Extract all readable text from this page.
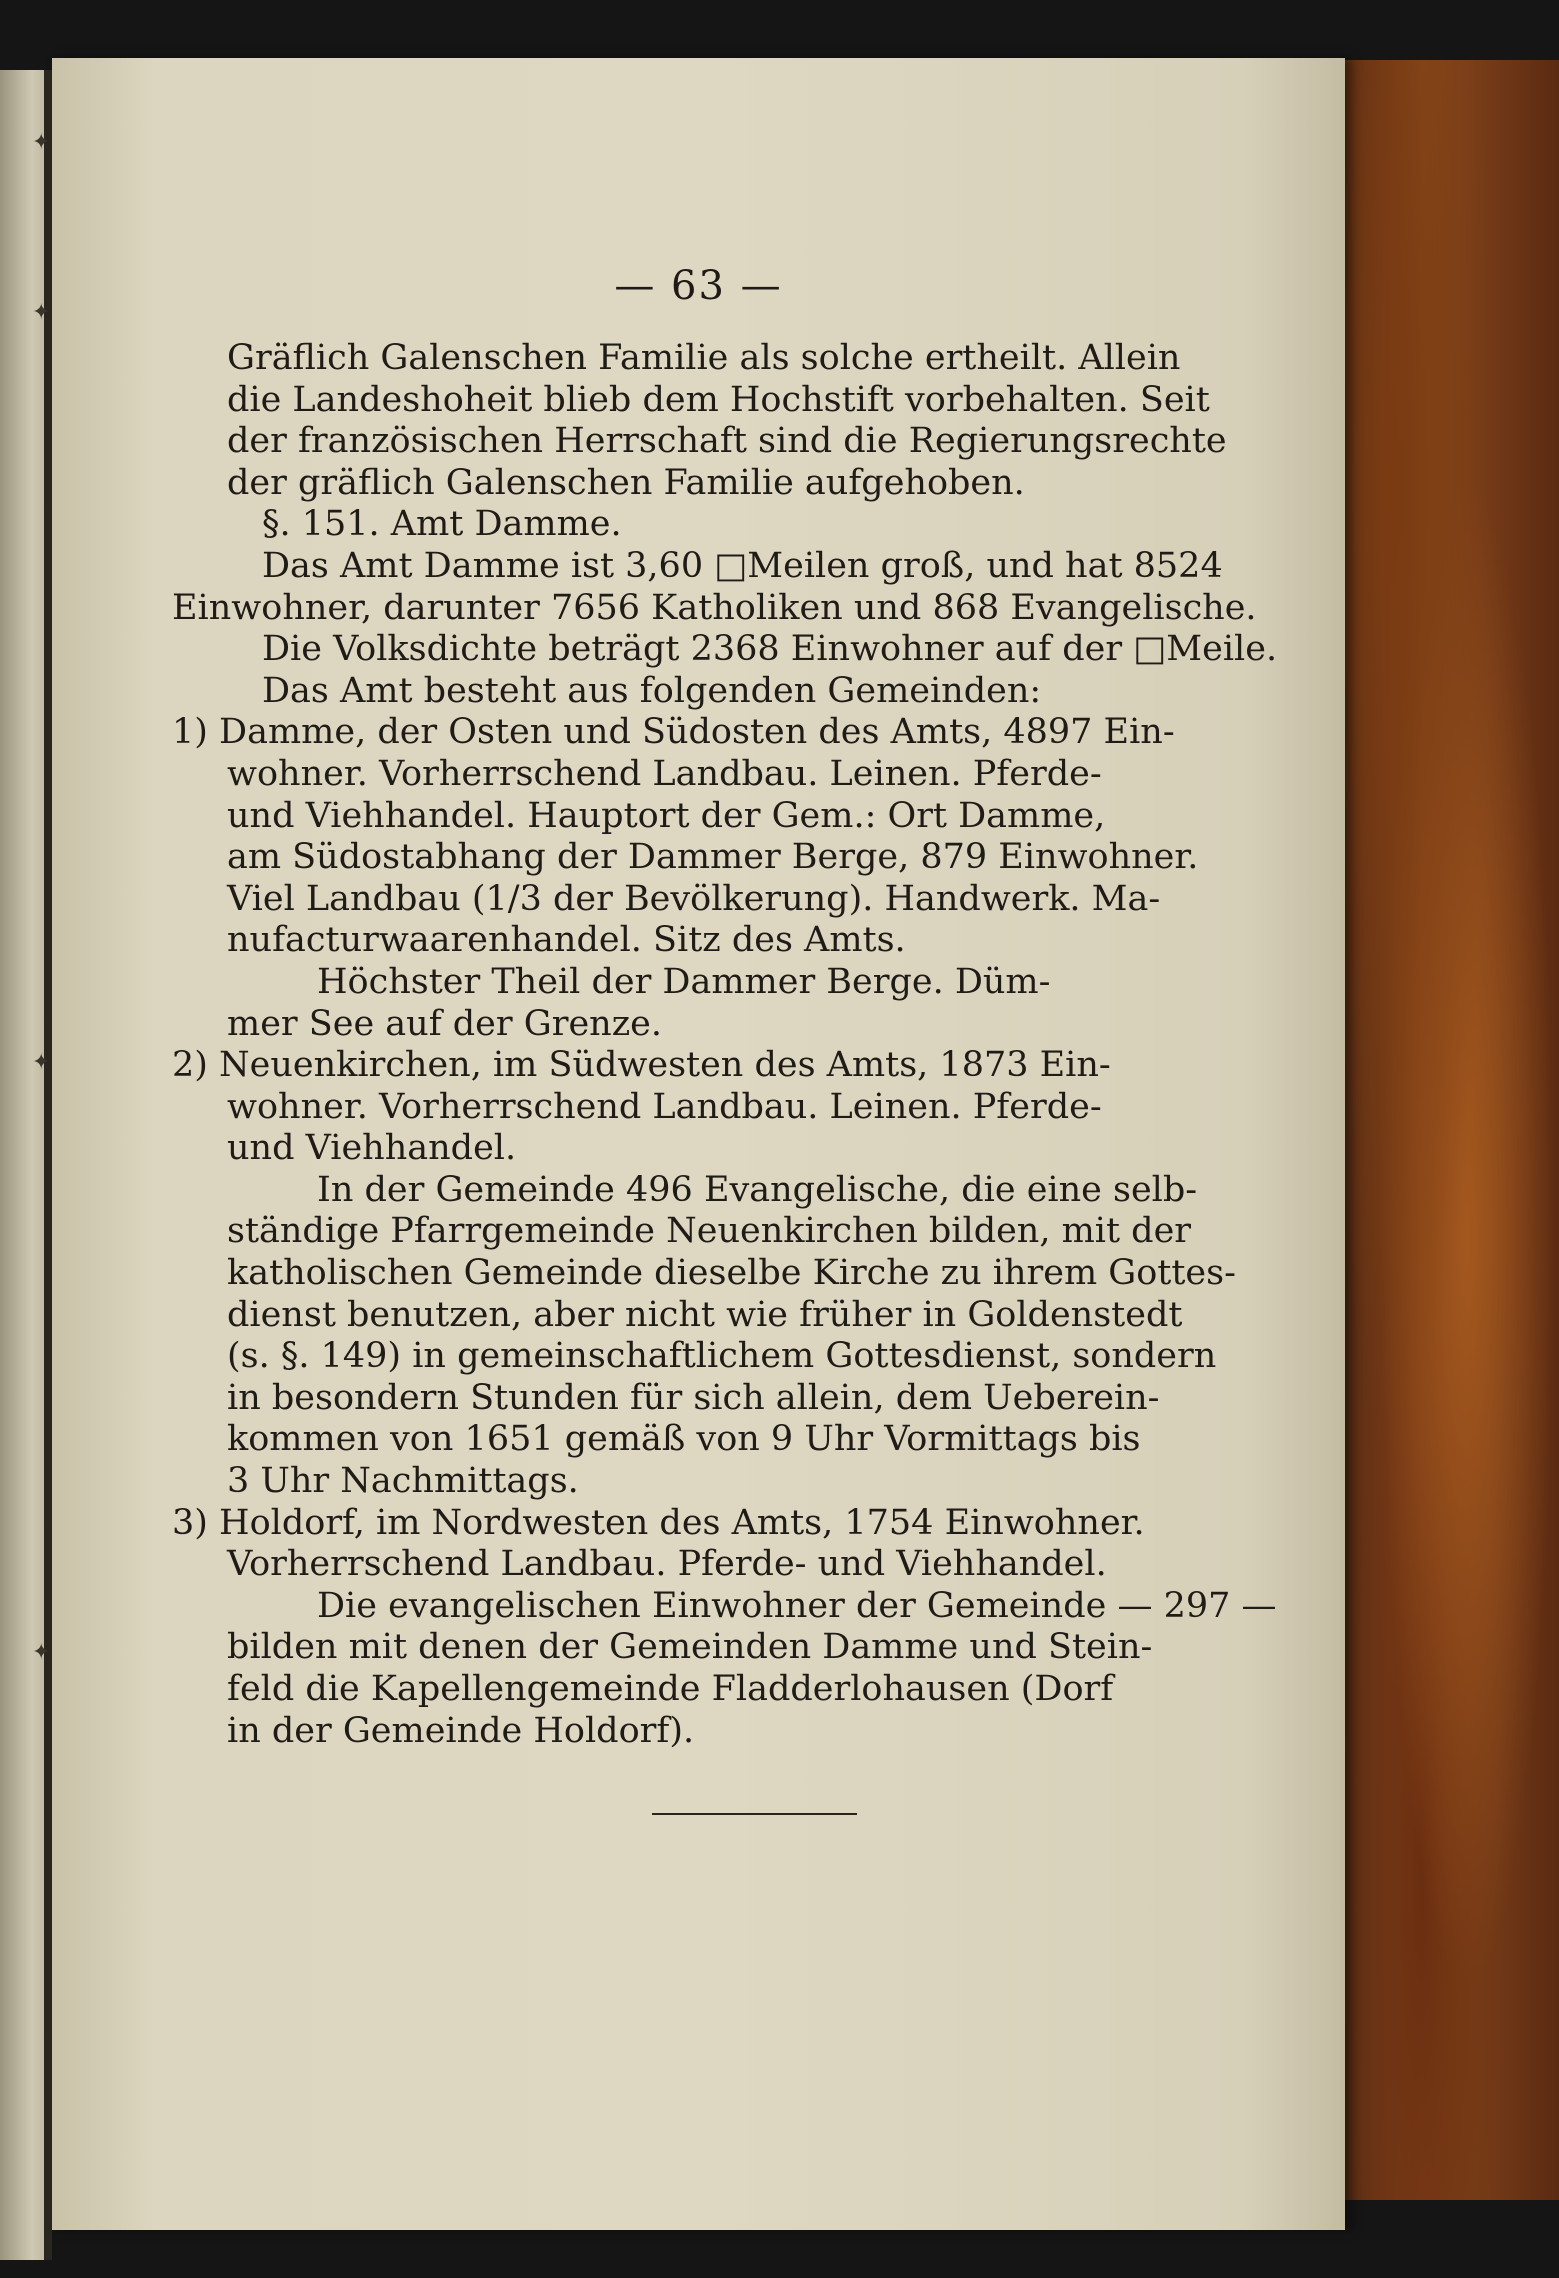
✦
✦
✦
✦
— 63 —
Gräflich Galenschen Familie als solche ertheilt. Allein
die Landeshoheit blieb dem Hochstift vorbehalten. Seit
der französischen Herrschaft sind die Regierungsrechte
der gräflich Galenschen Familie aufgehoben.
§. 151. Amt Damme.
Das Amt Damme ist 3,60 □Meilen groß, und hat 8524
Einwohner, darunter 7656 Katholiken und 868 Evangelische.
Die Volksdichte beträgt 2368 Einwohner auf der □Meile.
Das Amt besteht aus folgenden Gemeinden:
1) Damme, der Osten und Südosten des Amts, 4897 Ein-
wohner. Vorherrschend Landbau. Leinen. Pferde-
und Viehhandel. Hauptort der Gem.: Ort Damme,
am Südostabhang der Dammer Berge, 879 Einwohner.
Viel Landbau (1/3 der Bevölkerung). Handwerk. Ma-
nufacturwaarenhandel. Sitz des Amts.
Höchster Theil der Dammer Berge. Düm-
mer See auf der Grenze.
2) Neuenkirchen, im Südwesten des Amts, 1873 Ein-
wohner. Vorherrschend Landbau. Leinen. Pferde-
und Viehhandel.
In der Gemeinde 496 Evangelische, die eine selb-
ständige Pfarrgemeinde Neuenkirchen bilden, mit der
katholischen Gemeinde dieselbe Kirche zu ihrem Gottes-
dienst benutzen, aber nicht wie früher in Goldenstedt
(s. §. 149) in gemeinschaftlichem Gottesdienst, sondern
in besondern Stunden für sich allein, dem Ueberein-
kommen von 1651 gemäß von 9 Uhr Vormittags bis
3 Uhr Nachmittags.
3) Holdorf, im Nordwesten des Amts, 1754 Einwohner.
Vorherrschend Landbau. Pferde- und Viehhandel.
Die evangelischen Einwohner der Gemeinde — 297 —
bilden mit denen der Gemeinden Damme und Stein-
feld die Kapellengemeinde Fladderlohausen (Dorf
in der Gemeinde Holdorf).
